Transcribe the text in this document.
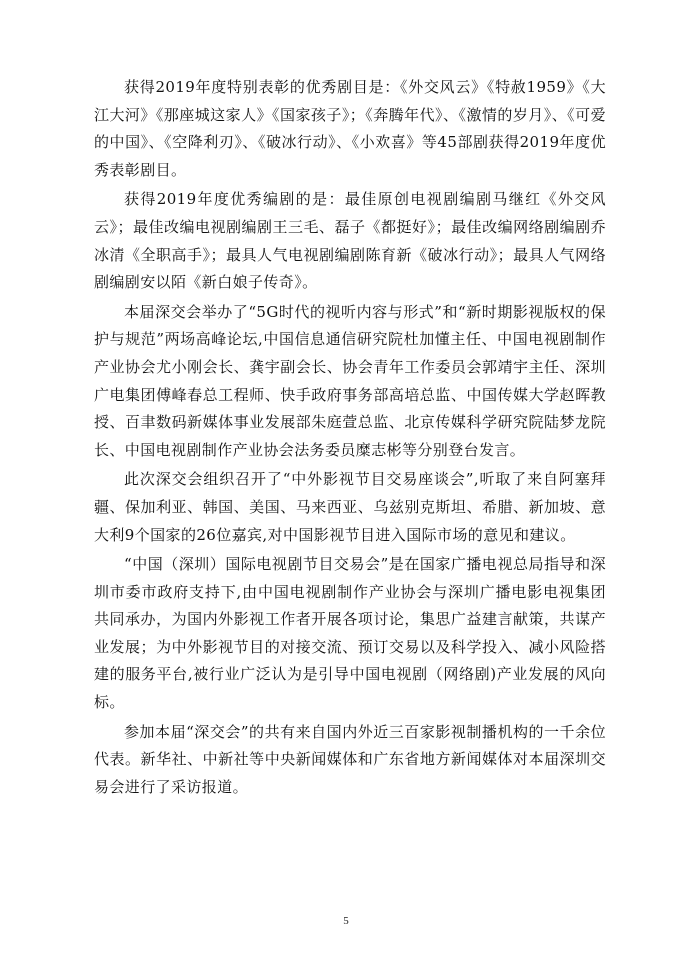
获得2019年度特别表彰的优秀剧目是：《外交风云》《特赦1959》《大江大河》《那座城这家人》《国家孩子》；《奔腾年代》、《激情的岁月》、《可爱的中国》、《空降利刃》、《破冰行动》、《小欢喜》等45部剧获得2019年度优秀表彰剧目。

获得2019年度优秀编剧的是：最佳原创电视剧编剧马继红《外交风云》；最佳改编电视剧编剧王三毛、磊子《都挺好》；最佳改编网络剧编剧乔冰清《全职高手》；最具人气电视剧编剧陈育新《破冰行动》；最具人气网络剧编剧安以陌《新白娘子传奇》。

本届深交会举办了“5G时代的视听内容与形式”和“新时期影视版权的保护与规范”两场高峰论坛,中国信息通信研究院杜加懂主任、中国电视剧制作产业协会尤小刚会长、龚宇副会长、协会青年工作委员会郭靖宇主任、深圳广电集团傅峰春总工程师、快手政府事务部高培总监、中国传媒大学赵晖教授、百聿数码新媒体事业发展部朱庭萱总监、北京传媒科学研究院陆梦龙院长、中国电视剧制作产业协会法务委员糜志彬等分别登台发言。

此次深交会组织召开了“中外影视节目交易座谈会”,听取了来自阿塞拜疆、保加利亚、韩国、美国、马来西亚、乌兹别克斯坦、希腊、新加坡、意大利9个国家的26位嘉宾,对中国影视节目进入国际市场的意见和建议。

“中国（深圳）国际电视剧节目交易会”是在国家广播电视总局指导和深圳市委市政府支持下,由中国电视剧制作产业协会与深圳广播电影电视集团共同承办，为国内外影视工作者开展各项讨论，集思广益建言献策，共谋产业发展；为中外影视节目的对接交流、预订交易以及科学投入、减小风险搭建的服务平台,被行业广泛认为是引导中国电视剧（网络剧)产业发展的风向标。

参加本届“深交会”的共有来自国内外近三百家影视制播机构的一千余位代表。新华社、中新社等中央新闻媒体和广东省地方新闻媒体对本届深圳交易会进行了采访报道。

5
